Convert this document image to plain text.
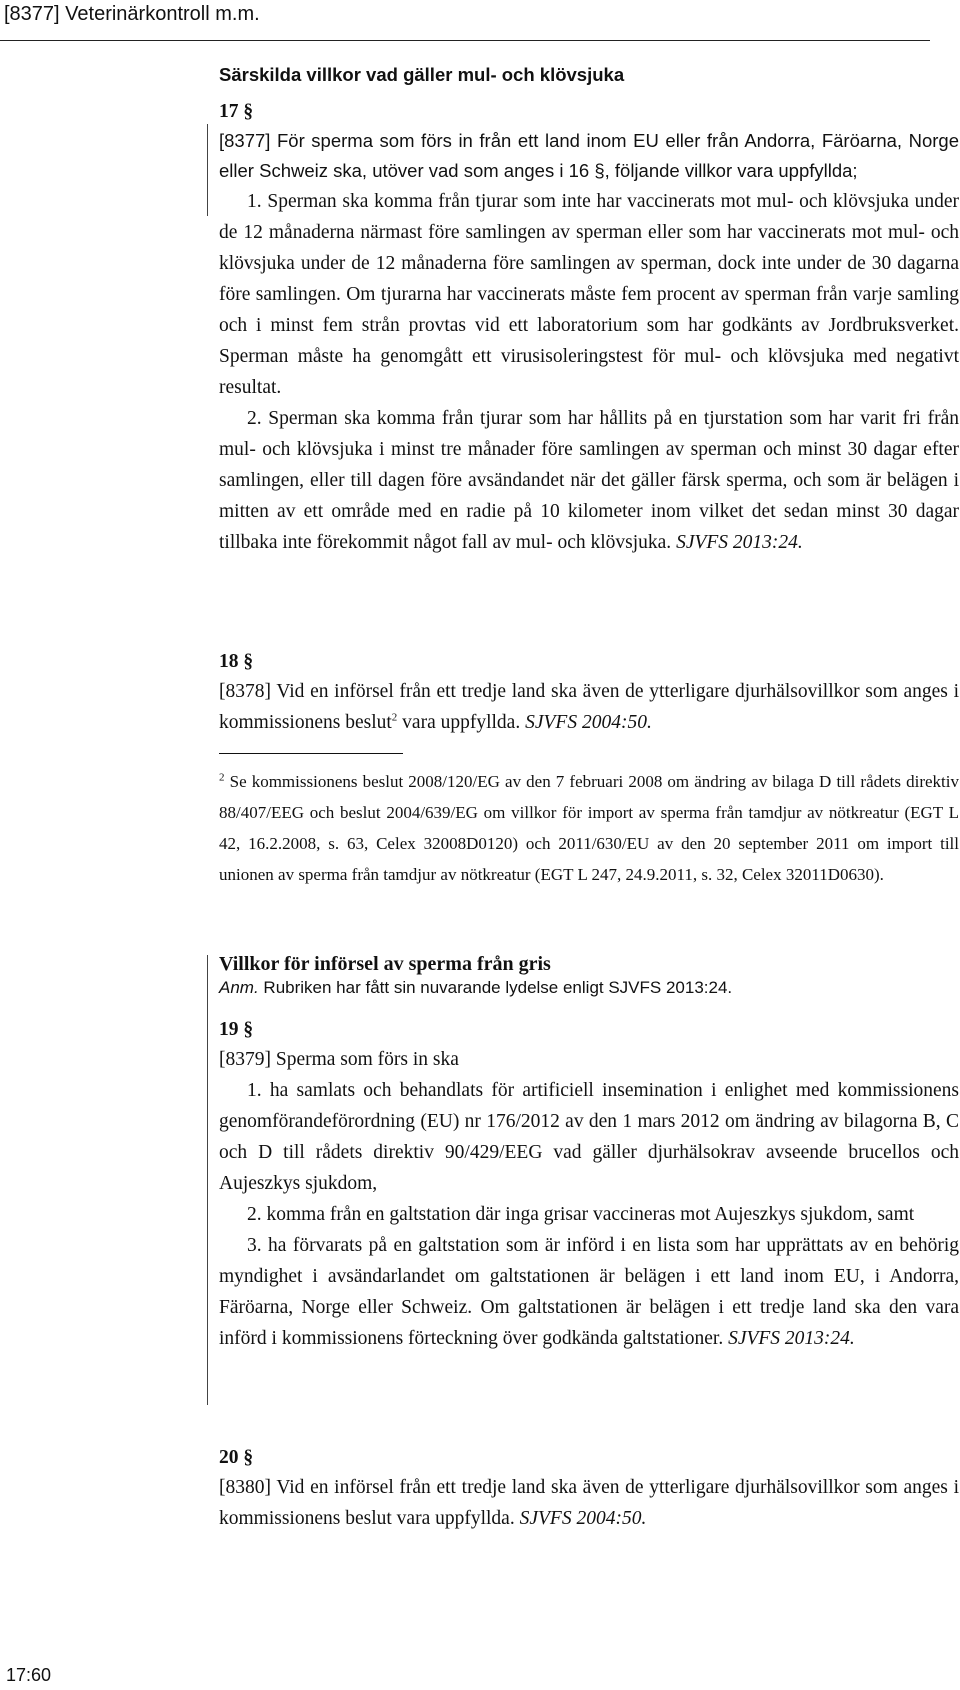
[8377] Veterinärkontroll m.m.

Särskilda villkor vad gäller mul- och klövsjuka

17 §

[8377] För sperma som förs in från ett land inom EU eller från Andorra, Färöarna, Norge eller Schweiz ska, utöver vad som anges i 16 §, följande villkor vara uppfyllda;

1. Sperman ska komma från tjurar som inte har vaccinerats mot mul- och klövsjuka under de 12 månaderna närmast före samlingen av sperman eller som har vaccinerats mot mul- och klövsjuka under de 12 månaderna före samlingen av sperman, dock inte under de 30 dagarna före samlingen. Om tjurarna har vaccinerats måste fem procent av sperman från varje samling och i minst fem strån provtas vid ett laboratorium som har godkänts av Jordbruksverket. Sperman måste ha genomgått ett virusisoleringstest för mul- och klövsjuka med negativt resultat.

2. Sperman ska komma från tjurar som har hållits på en tjurstation som har varit fri från mul- och klövsjuka i minst tre månader före samlingen av sperman och minst 30 dagar efter samlingen, eller till dagen före avsändandet när det gäller färsk sperma, och som är belägen i mitten av ett område med en radie på 10 kilometer inom vilket det sedan minst 30 dagar tillbaka inte förekommit något fall av mul- och klövsjuka. SJVFS 2013:24.

18 §

[8378] Vid en införsel från ett tredje land ska även de ytterligare djurhälsovillkor som anges i kommissionens beslut$^2$ vara uppfyllda. SJVFS 2004:50.

$^2$ Se kommissionens beslut 2008/120/EG av den 7 februari 2008 om ändring av bilaga D till rådets direktiv 88/407/EEG och beslut 2004/639/EG om villkor för import av sperma från tamdjur av nötkreatur (EGT L 42, 16.2.2008, s. 63, Celex 32008D0120) och 2011/630/EU av den 20 september 2011 om import till unionen av sperma från tamdjur av nötkreatur (EGT L 247, 24.9.2011, s. 32, Celex 32011D0630).

Villkor för införsel av sperma från gris

Anm. Rubriken har fått sin nuvarande lydelse enligt SJVFS 2013:24.

19 §

[8379] Sperma som förs in ska

1. ha samlats och behandlats för artificiell insemination i enlighet med kommissionens genomförandeförordning (EU) nr 176/2012 av den 1 mars 2012 om ändring av bilagorna B, C och D till rådets direktiv 90/429/EEG vad gäller djurhälsokrav avseende brucellos och Aujeszkys sjukdom,

2. komma från en galtstation där inga grisar vaccineras mot Aujeszkys sjukdom, samt

3. ha förvarats på en galtstation som är införd i en lista som har upprättats av en behörig myndighet i avsändarlandet om galtstationen är belägen i ett land inom EU, i Andorra, Färöarna, Norge eller Schweiz. Om galtstationen är belägen i ett tredje land ska den vara införd i kommissionens förteckning över godkända galtstationer. SJVFS 2013:24.

20 §

[8380] Vid en införsel från ett tredje land ska även de ytterligare djurhälsovillkor som anges i kommissionens beslut vara uppfyllda. SJVFS 2004:50.

17:60
